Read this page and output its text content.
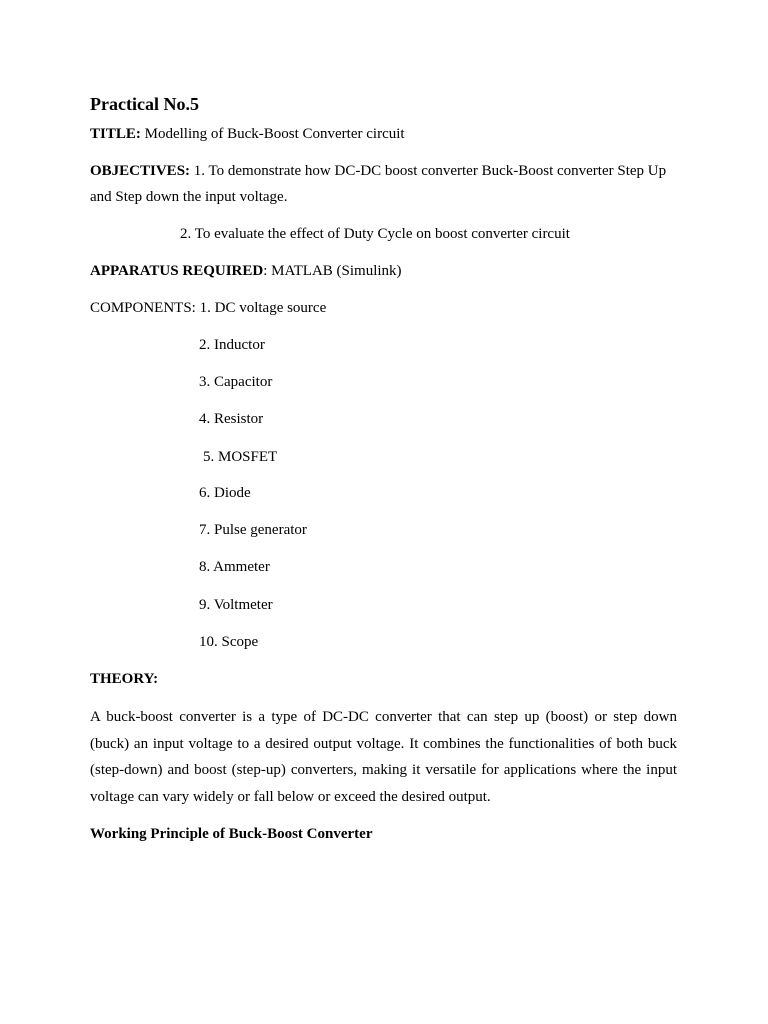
Practical No.5
TITLE: Modelling of Buck-Boost Converter circuit
OBJECTIVES: 1. To demonstrate how DC-DC boost converter Buck-Boost converter Step Up
and Step down the input voltage.
2. To evaluate the effect of Duty Cycle on boost converter circuit
APPARATUS REQUIRED: MATLAB (Simulink)
COMPONENTS: 1. DC voltage source
2. Inductor
3. Capacitor
4. Resistor
5. MOSFET
6. Diode
7. Pulse generator
8. Ammeter
9. Voltmeter
10. Scope
THEORY:
A buck-boost converter is a type of DC-DC converter that can step up (boost) or step down
(buck) an input voltage to a desired output voltage. It combines the functionalities of both buck
(step-down) and boost (step-up) converters, making it versatile for applications where the input
voltage can vary widely or fall below or exceed the desired output.
Working Principle of Buck-Boost Converter
